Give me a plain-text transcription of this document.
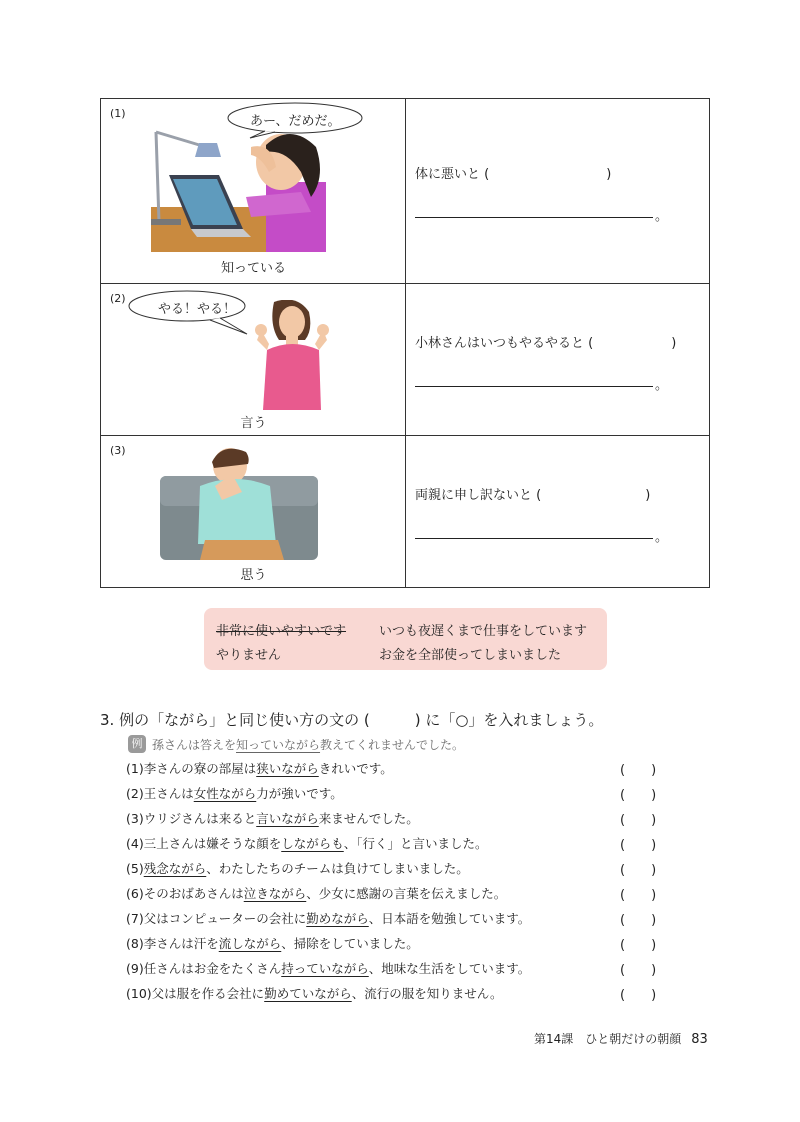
(1)
あー、だめだ。
知っている
体に悪いと (　　　　　　　　　)
。
(2)
やる！やる！
言う
小林さんはいつもやるやると (　　　　　　)
。
(3)
思う
両親に申し訳ないと (　　　　　　　　)
。
非常に使いやすいです	いつも夜遅くまで仕事をしています
やりません	お金を全部使ってしまいました
3. 例の「ながら」と同じ使い方の文の (　　　) に「○」を入れましょう。
例 孫さんは答えを知っていながら教えてくれませんでした。
(1)李さんの寮の部屋は狭いながらきれいです。
(2)王さんは女性ながら力が強いです。
(3)ウリジさんは来ると言いながら来ませんでした。
(4)三上さんは嫌そうな顔をしながらも、「行く」と言いました。
(5)残念ながら、わたしたちのチームは負けてしまいました。
(6)そのおばあさんは泣きながら、少女に感謝の言葉を伝えました。
(7)父はコンピューターの会社に勤めながら、日本語を勉強しています。
(8)李さんは汗を流しながら、掃除をしていました。
(9)任さんはお金をたくさん持っていながら、地味な生活をしています。
(10)父は服を作る会社に勤めていながら、流行の服を知りません。
(　　)
(　　)
(　　)
(　　)
(　　)
(　　)
(　　)
(　　)
(　　)
(　　)
第14課　ひと朝だけの朝顔 83
